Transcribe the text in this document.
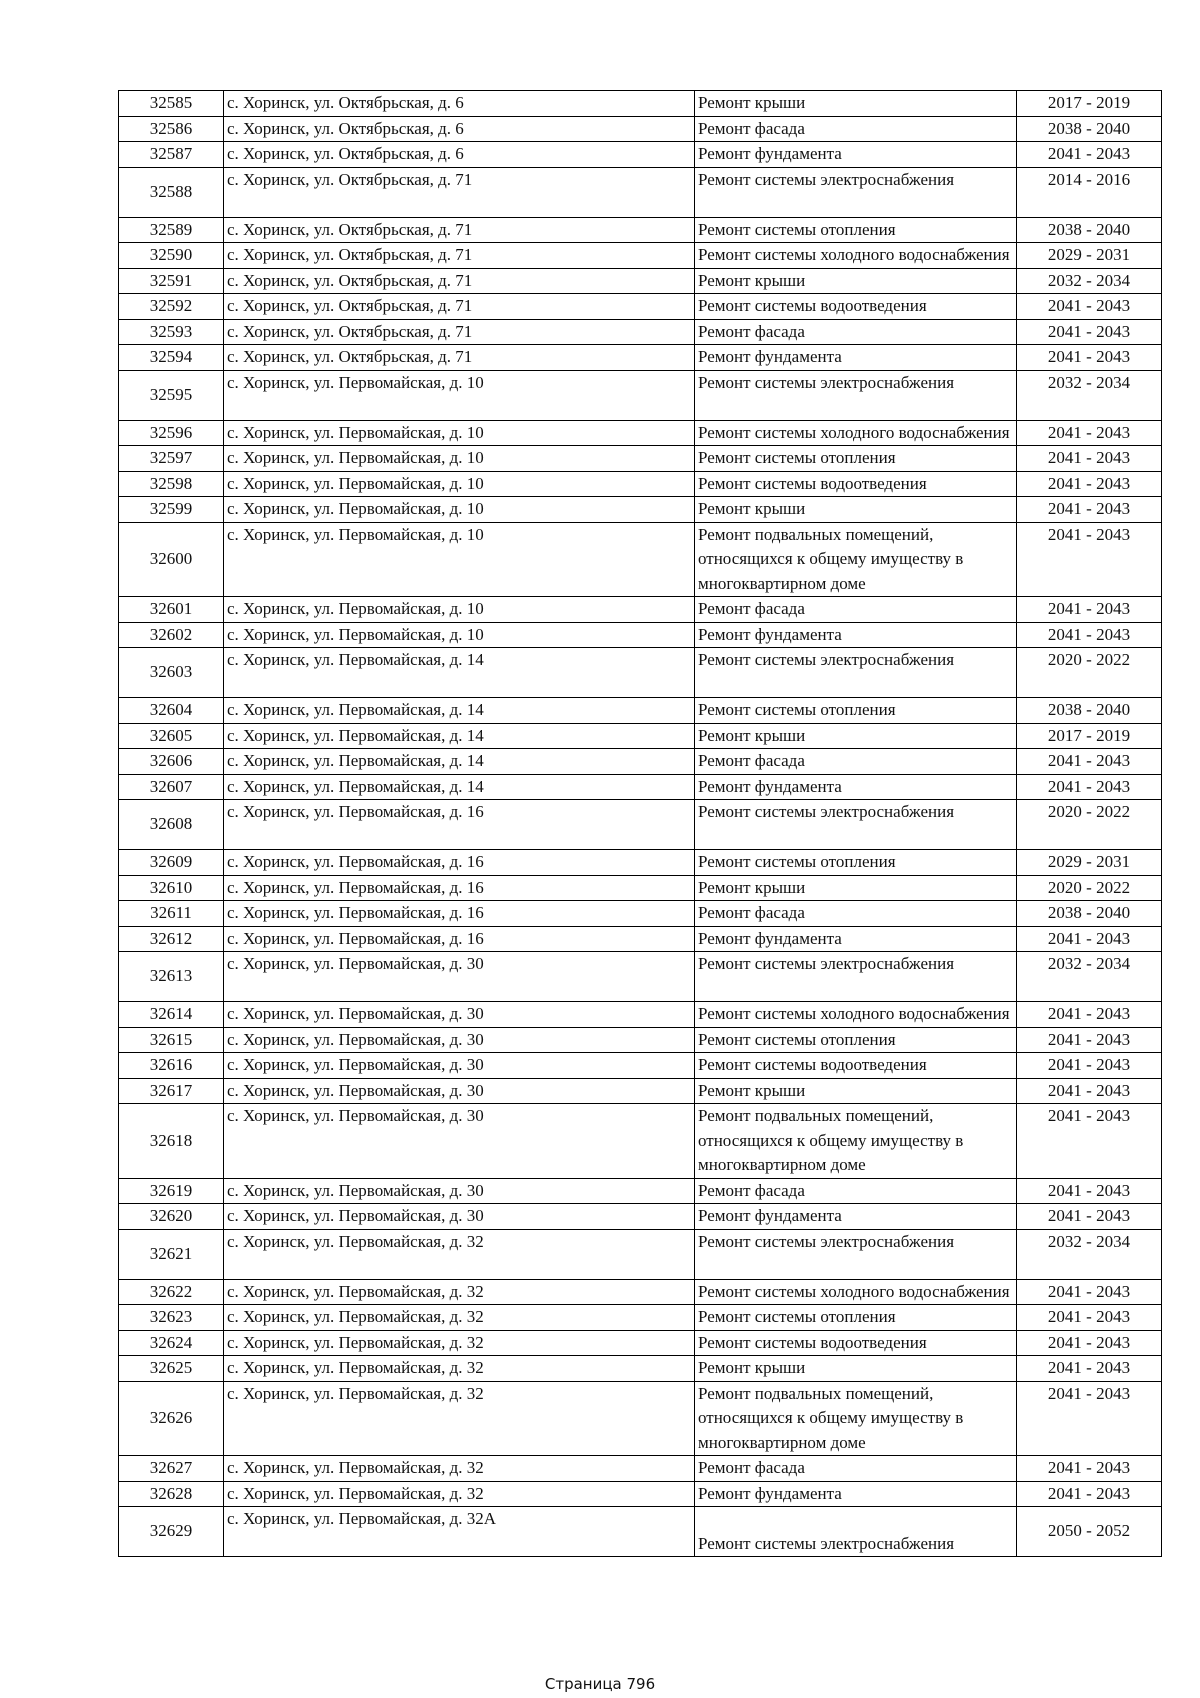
32585	с. Хоринск, ул. Октябрьская, д. 6	Ремонт крыши	2017 - 2019
32586	с. Хоринск, ул. Октябрьская, д. 6	Ремонт фасада	2038 - 2040
32587	с. Хоринск, ул. Октябрьская, д. 6	Ремонт фундамента	2041 - 2043
32588	с. Хоринск, ул. Октябрьская, д. 71	Ремонт системы электроснабжения	2014 - 2016
32589	с. Хоринск, ул. Октябрьская, д. 71	Ремонт системы отопления	2038 - 2040
32590	с. Хоринск, ул. Октябрьская, д. 71	Ремонт системы холодного водоснабжения	2029 - 2031
32591	с. Хоринск, ул. Октябрьская, д. 71	Ремонт крыши	2032 - 2034
32592	с. Хоринск, ул. Октябрьская, д. 71	Ремонт системы водоотведения	2041 - 2043
32593	с. Хоринск, ул. Октябрьская, д. 71	Ремонт фасада	2041 - 2043
32594	с. Хоринск, ул. Октябрьская, д. 71	Ремонт фундамента	2041 - 2043
32595	с. Хоринск, ул. Первомайская, д. 10	Ремонт системы электроснабжения	2032 - 2034
32596	с. Хоринск, ул. Первомайская, д. 10	Ремонт системы холодного водоснабжения	2041 - 2043
32597	с. Хоринск, ул. Первомайская, д. 10	Ремонт системы отопления	2041 - 2043
32598	с. Хоринск, ул. Первомайская, д. 10	Ремонт системы водоотведения	2041 - 2043
32599	с. Хоринск, ул. Первомайская, д. 10	Ремонт крыши	2041 - 2043
32600	с. Хоринск, ул. Первомайская, д. 10	Ремонт подвальных помещений, относящихся к общему имуществу в многоквартирном доме	2041 - 2043
32601	с. Хоринск, ул. Первомайская, д. 10	Ремонт фасада	2041 - 2043
32602	с. Хоринск, ул. Первомайская, д. 10	Ремонт фундамента	2041 - 2043
32603	с. Хоринск, ул. Первомайская, д. 14	Ремонт системы электроснабжения	2020 - 2022
32604	с. Хоринск, ул. Первомайская, д. 14	Ремонт системы отопления	2038 - 2040
32605	с. Хоринск, ул. Первомайская, д. 14	Ремонт крыши	2017 - 2019
32606	с. Хоринск, ул. Первомайская, д. 14	Ремонт фасада	2041 - 2043
32607	с. Хоринск, ул. Первомайская, д. 14	Ремонт фундамента	2041 - 2043
32608	с. Хоринск, ул. Первомайская, д. 16	Ремонт системы электроснабжения	2020 - 2022
32609	с. Хоринск, ул. Первомайская, д. 16	Ремонт системы отопления	2029 - 2031
32610	с. Хоринск, ул. Первомайская, д. 16	Ремонт крыши	2020 - 2022
32611	с. Хоринск, ул. Первомайская, д. 16	Ремонт фасада	2038 - 2040
32612	с. Хоринск, ул. Первомайская, д. 16	Ремонт фундамента	2041 - 2043
32613	с. Хоринск, ул. Первомайская, д. 30	Ремонт системы электроснабжения	2032 - 2034
32614	с. Хоринск, ул. Первомайская, д. 30	Ремонт системы холодного водоснабжения	2041 - 2043
32615	с. Хоринск, ул. Первомайская, д. 30	Ремонт системы отопления	2041 - 2043
32616	с. Хоринск, ул. Первомайская, д. 30	Ремонт системы водоотведения	2041 - 2043
32617	с. Хоринск, ул. Первомайская, д. 30	Ремонт крыши	2041 - 2043
32618	с. Хоринск, ул. Первомайская, д. 30	Ремонт подвальных помещений, относящихся к общему имуществу в многоквартирном доме	2041 - 2043
32619	с. Хоринск, ул. Первомайская, д. 30	Ремонт фасада	2041 - 2043
32620	с. Хоринск, ул. Первомайская, д. 30	Ремонт фундамента	2041 - 2043
32621	с. Хоринск, ул. Первомайская, д. 32	Ремонт системы электроснабжения	2032 - 2034
32622	с. Хоринск, ул. Первомайская, д. 32	Ремонт системы холодного водоснабжения	2041 - 2043
32623	с. Хоринск, ул. Первомайская, д. 32	Ремонт системы отопления	2041 - 2043
32624	с. Хоринск, ул. Первомайская, д. 32	Ремонт системы водоотведения	2041 - 2043
32625	с. Хоринск, ул. Первомайская, д. 32	Ремонт крыши	2041 - 2043
32626	с. Хоринск, ул. Первомайская, д. 32	Ремонт подвальных помещений, относящихся к общему имуществу в многоквартирном доме	2041 - 2043
32627	с. Хоринск, ул. Первомайская, д. 32	Ремонт фасада	2041 - 2043
32628	с. Хоринск, ул. Первомайская, д. 32	Ремонт фундамента	2041 - 2043
32629	с. Хоринск, ул. Первомайская, д. 32А	Ремонт системы электроснабжения	2050 - 2052
Страница 796
